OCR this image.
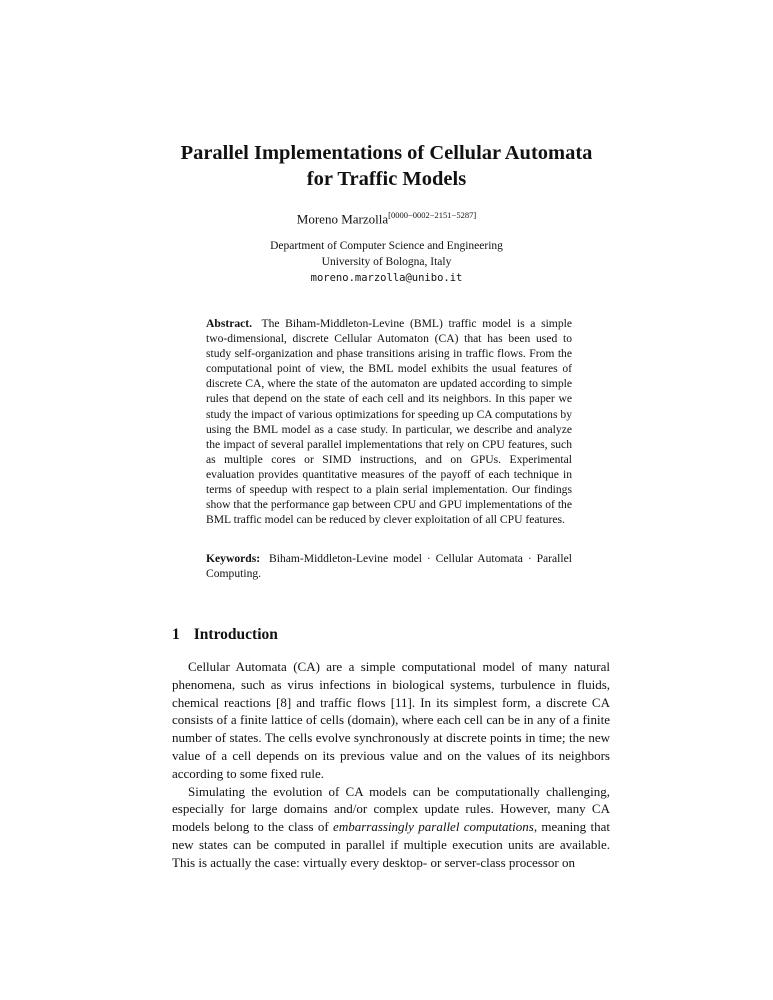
Parallel Implementations of Cellular Automata
for Traffic Models
Moreno Marzolla[0000−0002−2151−5287]
Department of Computer Science and Engineering
University of Bologna, Italy
moreno.marzolla@unibo.it
Abstract. The Biham-Middleton-Levine (BML) traffic model is a simple two-dimensional, discrete Cellular Automaton (CA) that has been used to study self-organization and phase transitions arising in traffic flows. From the computational point of view, the BML model exhibits the usual features of discrete CA, where the state of the automaton are updated according to simple rules that depend on the state of each cell and its neighbors. In this paper we study the impact of various optimizations for speeding up CA computations by using the BML model as a case study. In particular, we describe and analyze the impact of several parallel implementations that rely on CPU features, such as multiple cores or SIMD instructions, and on GPUs. Experimental evaluation provides quantitative measures of the payoff of each technique in terms of speedup with respect to a plain serial implementation. Our findings show that the performance gap between CPU and GPU implementations of the BML traffic model can be reduced by clever exploitation of all CPU features.
Keywords: Biham-Middleton-Levine model · Cellular Automata · Parallel Computing.
1 Introduction

Cellular Automata (CA) are a simple computational model of many natural phenomena, such as virus infections in biological systems, turbulence in fluids, chemical reactions [8] and traffic flows [11]. In its simplest form, a discrete CA consists of a finite lattice of cells (domain), where each cell can be in any of a finite number of states. The cells evolve synchronously at discrete points in time; the new value of a cell depends on its previous value and on the values of its neighbors according to some fixed rule.

Simulating the evolution of CA models can be computationally challenging, especially for large domains and/or complex update rules. However, many CA models belong to the class of embarrassingly parallel computations, meaning that new states can be computed in parallel if multiple execution units are available. This is actually the case: virtually every desktop- or server-class processor on
